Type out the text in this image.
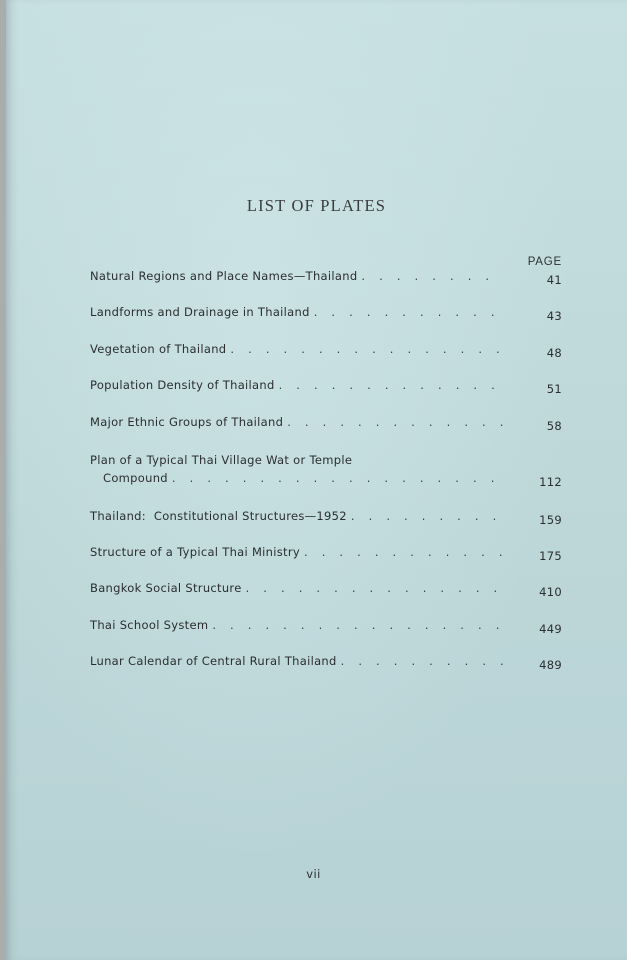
LIST OF PLATES
PAGE
Natural Regions and Place Names—Thailand . . .	41
Landforms and Drainage in Thailand . . .	43
Vegetation of Thailand . . .	48
Population Density of Thailand . . .	51
Major Ethnic Groups of Thailand . . .	58
Plan of a Typical Thai Village Wat or Temple
Compound . . .	112
Thailand:  Constitutional Structures—1952 . . .	159
Structure of a Typical Thai Ministry . . .	175
Bangkok Social Structure . . .	410
Thai School System . . .	449
Lunar Calendar of Central Rural Thailand . . .	489
vii
